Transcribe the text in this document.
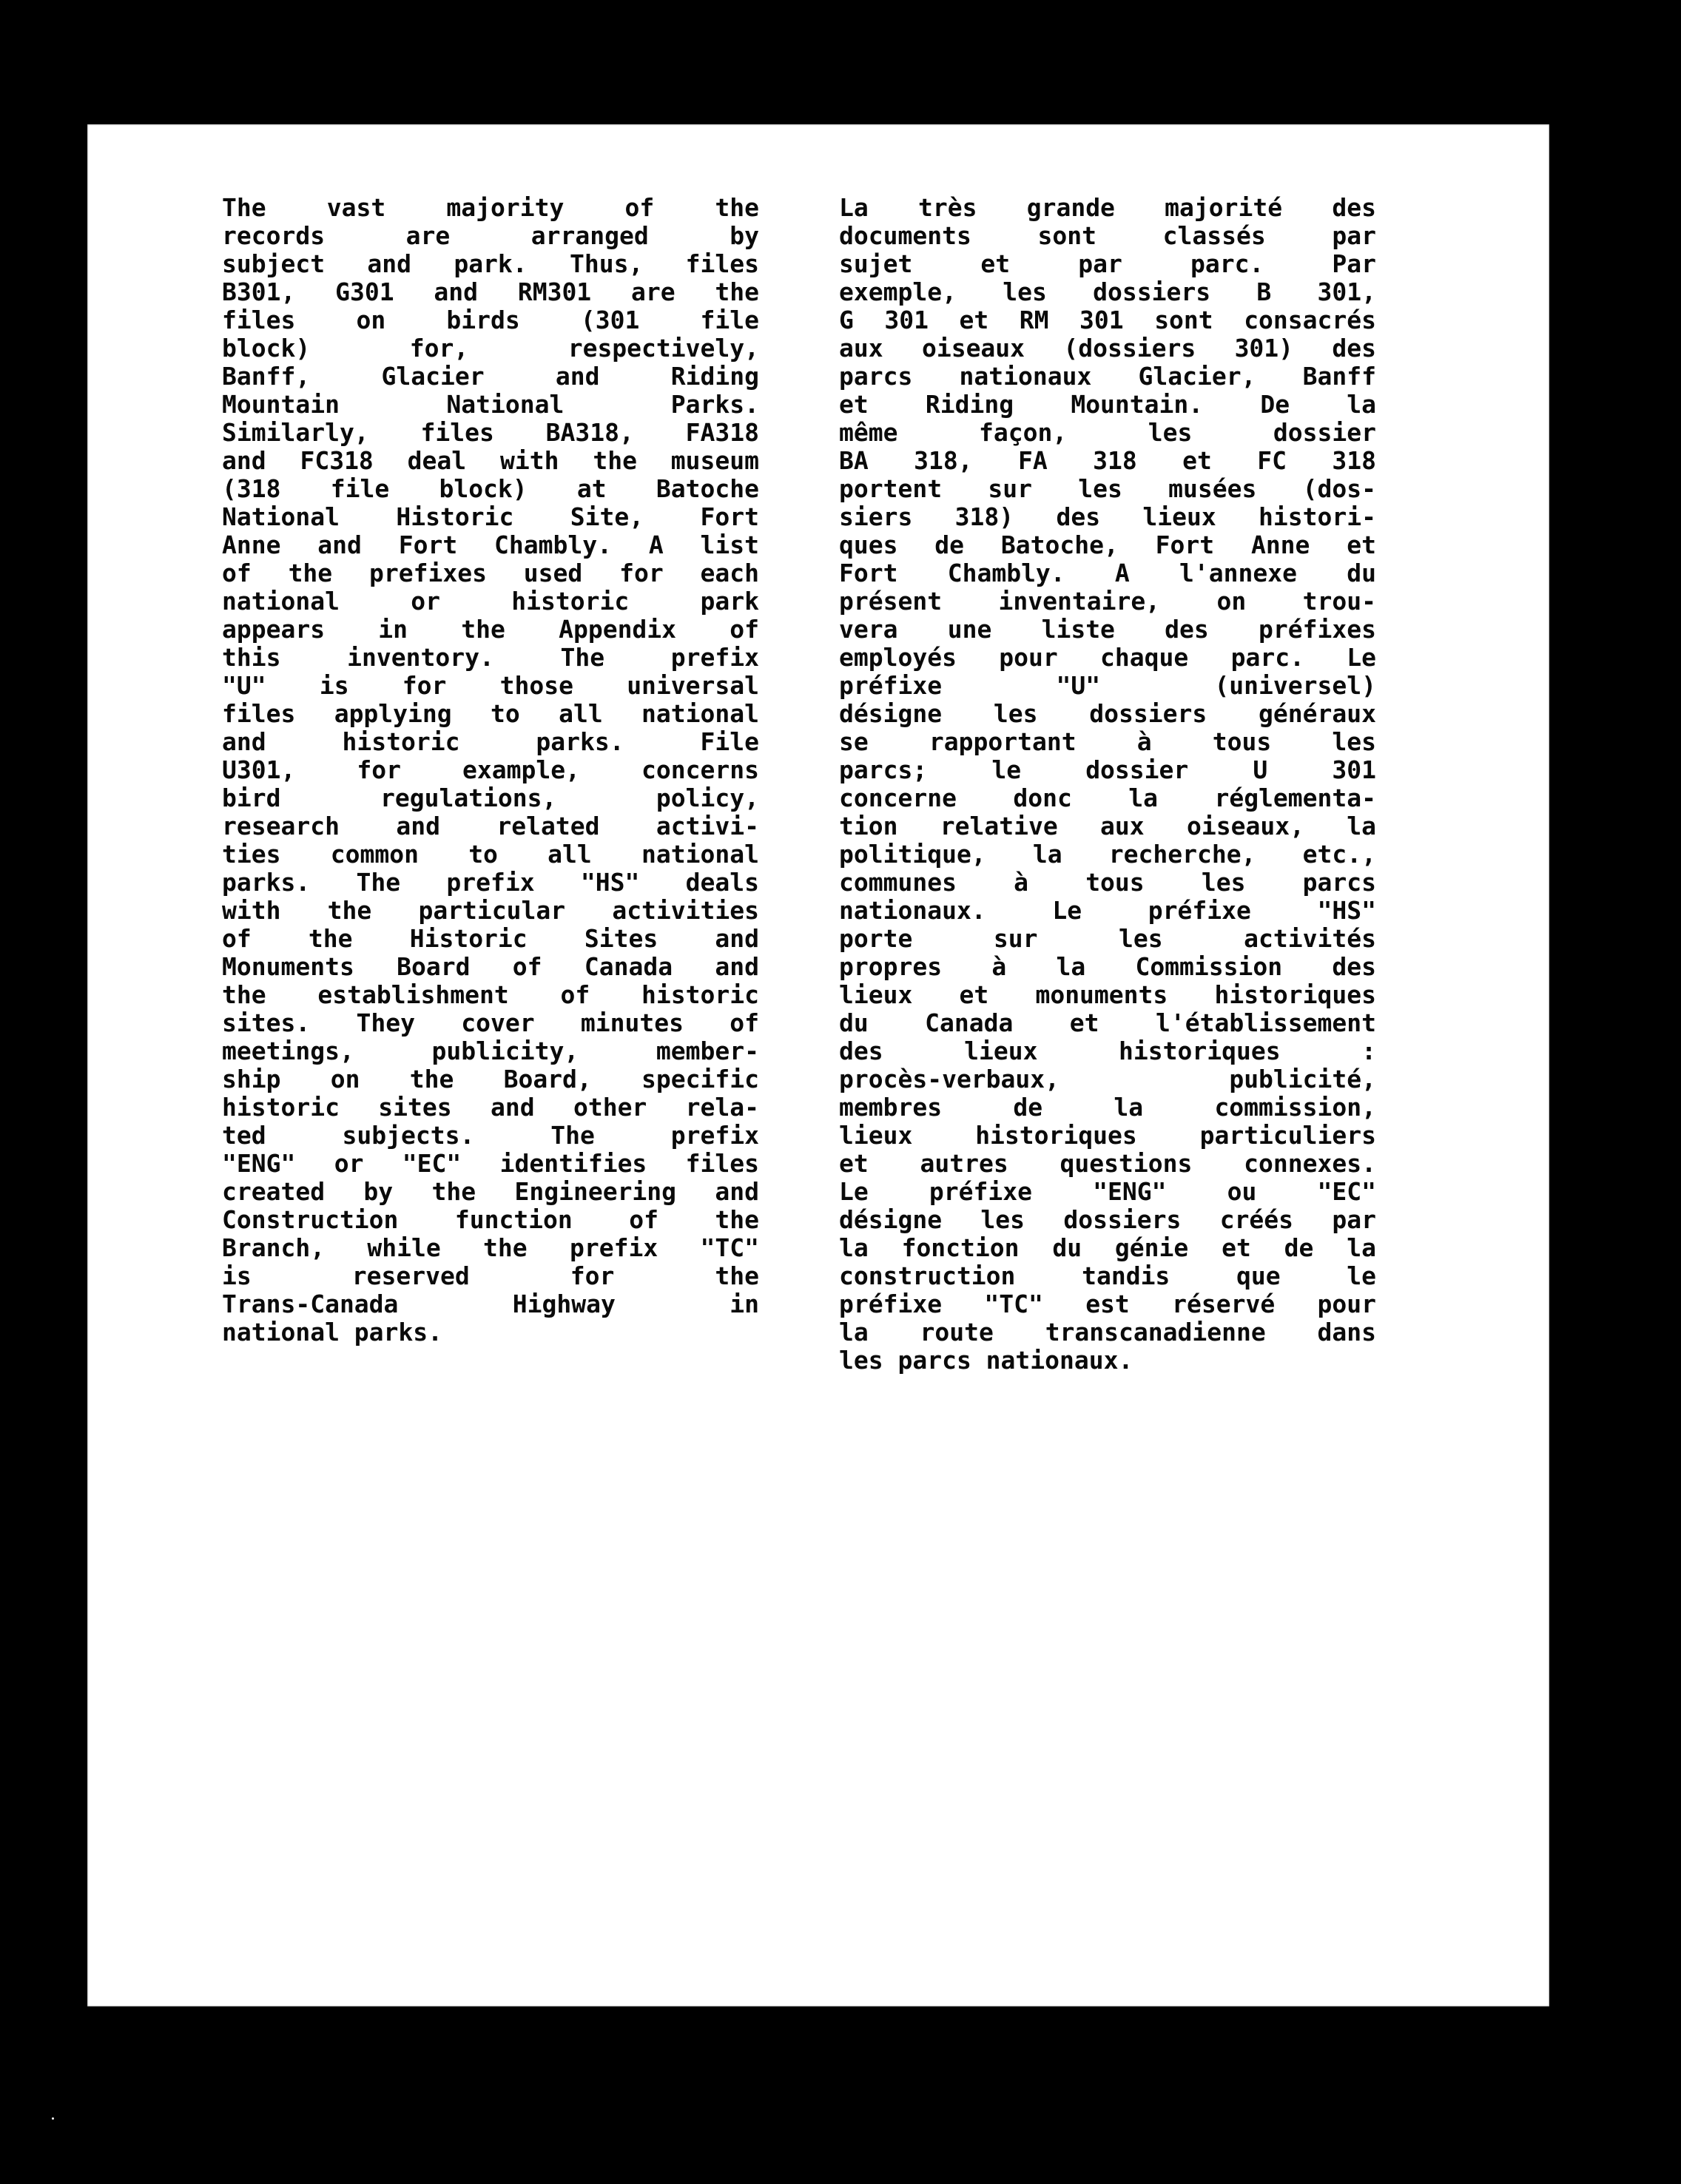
The vast majority of the
records are arranged by
subject and park. Thus, files
B301, G301 and RM301 are the
files on birds (301 file
block) for, respectively,
Banff, Glacier and Riding
Mountain National Parks.
Similarly, files BA318, FA318
and FC318 deal with the museum
(318 file block) at Batoche
National Historic Site, Fort
Anne and Fort Chambly. A list
of the prefixes used for each
national or historic park
appears in the Appendix of
this inventory. The prefix
"U" is for those universal
files applying to all national
and historic parks. File
U301, for example, concerns
bird regulations, policy,
research and related activi-
ties common to all national
parks. The prefix "HS" deals
with the particular activities
of the Historic Sites and
Monuments Board of Canada and
the establishment of historic
sites. They cover minutes of
meetings, publicity, member-
ship on the Board, specific
historic sites and other rela-
ted subjects. The prefix
"ENG" or "EC" identifies files
created by the Engineering and
Construction function of the
Branch, while the prefix "TC"
is reserved for the
Trans-Canada Highway in
national parks.
La très grande majorité des
documents sont classés par
sujet et par parc. Par
exemple, les dossiers B 301,
G 301 et RM 301 sont consacrés
aux oiseaux (dossiers 301) des
parcs nationaux Glacier, Banff
et Riding Mountain. De la
même façon, les dossier
BA 318, FA 318 et FC 318
portent sur les musées (dos-
siers 318) des lieux histori-
ques de Batoche, Fort Anne et
Fort Chambly. A l'annexe du
présent inventaire, on trou-
vera une liste des préfixes
employés pour chaque parc. Le
préfixe "U" (universel)
désigne les dossiers généraux
se rapportant à tous les
parcs; le dossier U 301
concerne donc la réglementa-
tion relative aux oiseaux, la
politique, la recherche, etc.,
communes à tous les parcs
nationaux. Le préfixe "HS"
porte sur les activités
propres à la Commission des
lieux et monuments historiques
du Canada et l'établissement
des lieux historiques :
procès-verbaux, publicité,
membres de la commission,
lieux historiques particuliers
et autres questions connexes.
Le préfixe "ENG" ou "EC"
désigne les dossiers créés par
la fonction du génie et de la
construction tandis que le
préfixe "TC" est réservé pour
la route transcanadienne dans
les parcs nationaux.
